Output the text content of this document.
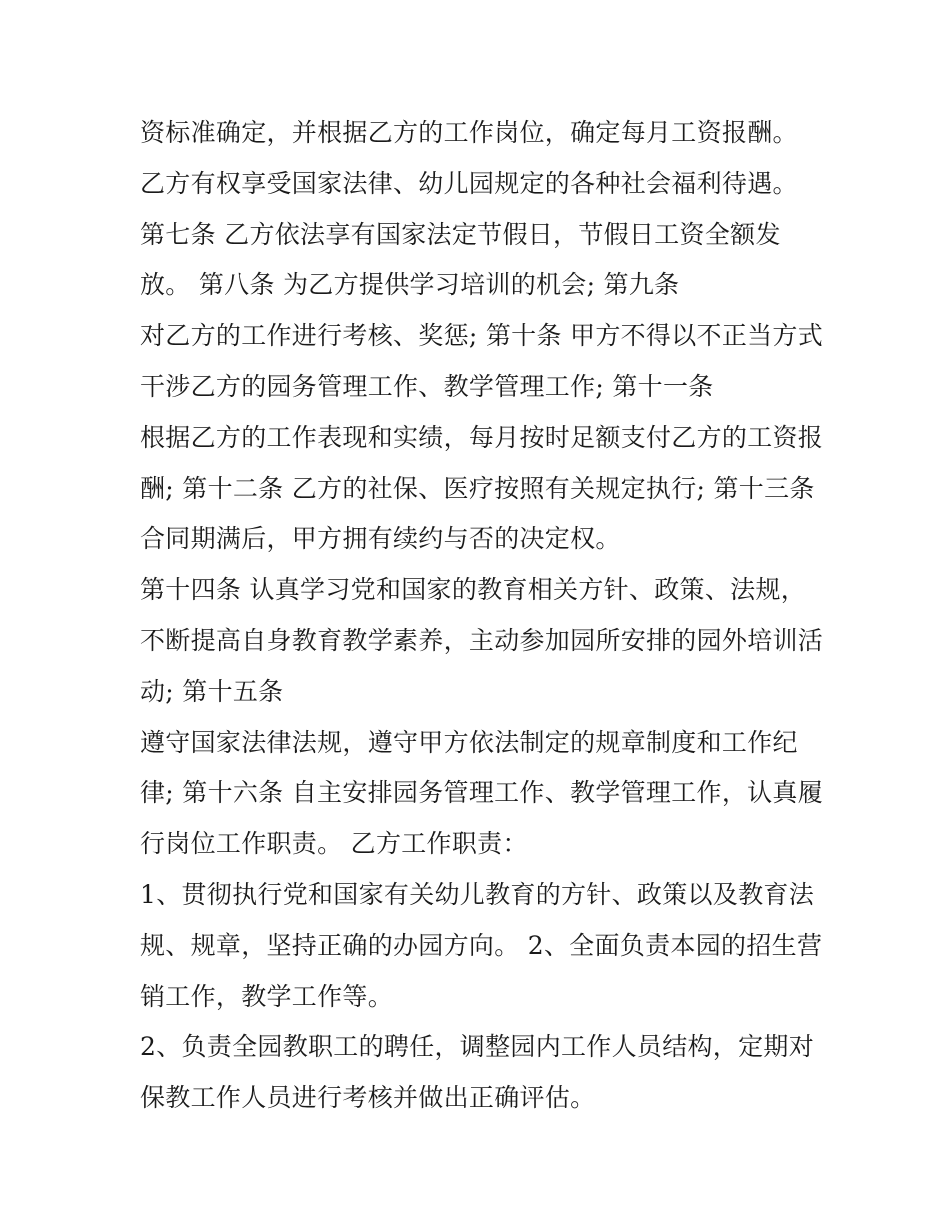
资标准确定，并根据乙方的工作岗位，确定每月工资报酬。
乙方有权享受国家法律、幼儿园规定的各种社会福利待遇。
第七条 乙方依法享有国家法定节假日，节假日工资全额发
放。 第八条 为乙方提供学习培训的机会; 第九条
对乙方的工作进行考核、奖惩; 第十条 甲方不得以不正当方式
干涉乙方的园务管理工作、教学管理工作; 第十一条
根据乙方的工作表现和实绩，每月按时足额支付乙方的工资报
酬; 第十二条 乙方的社保、医疗按照有关规定执行; 第十三条
合同期满后，甲方拥有续约与否的决定权。
第十四条 认真学习党和国家的教育相关方针、政策、法规，
不断提高自身教育教学素养，主动参加园所安排的园外培训活
动; 第十五条
遵守国家法律法规，遵守甲方依法制定的规章制度和工作纪
律; 第十六条 自主安排园务管理工作、教学管理工作，认真履
行岗位工作职责。 乙方工作职责：
1、贯彻执行党和国家有关幼儿教育的方针、政策以及教育法
规、规章，坚持正确的办园方向。 2、全面负责本园的招生营
销工作，教学工作等。
2、负责全园教职工的聘任，调整园内工作人员结构，定期对
保教工作人员进行考核并做出正确评估。
